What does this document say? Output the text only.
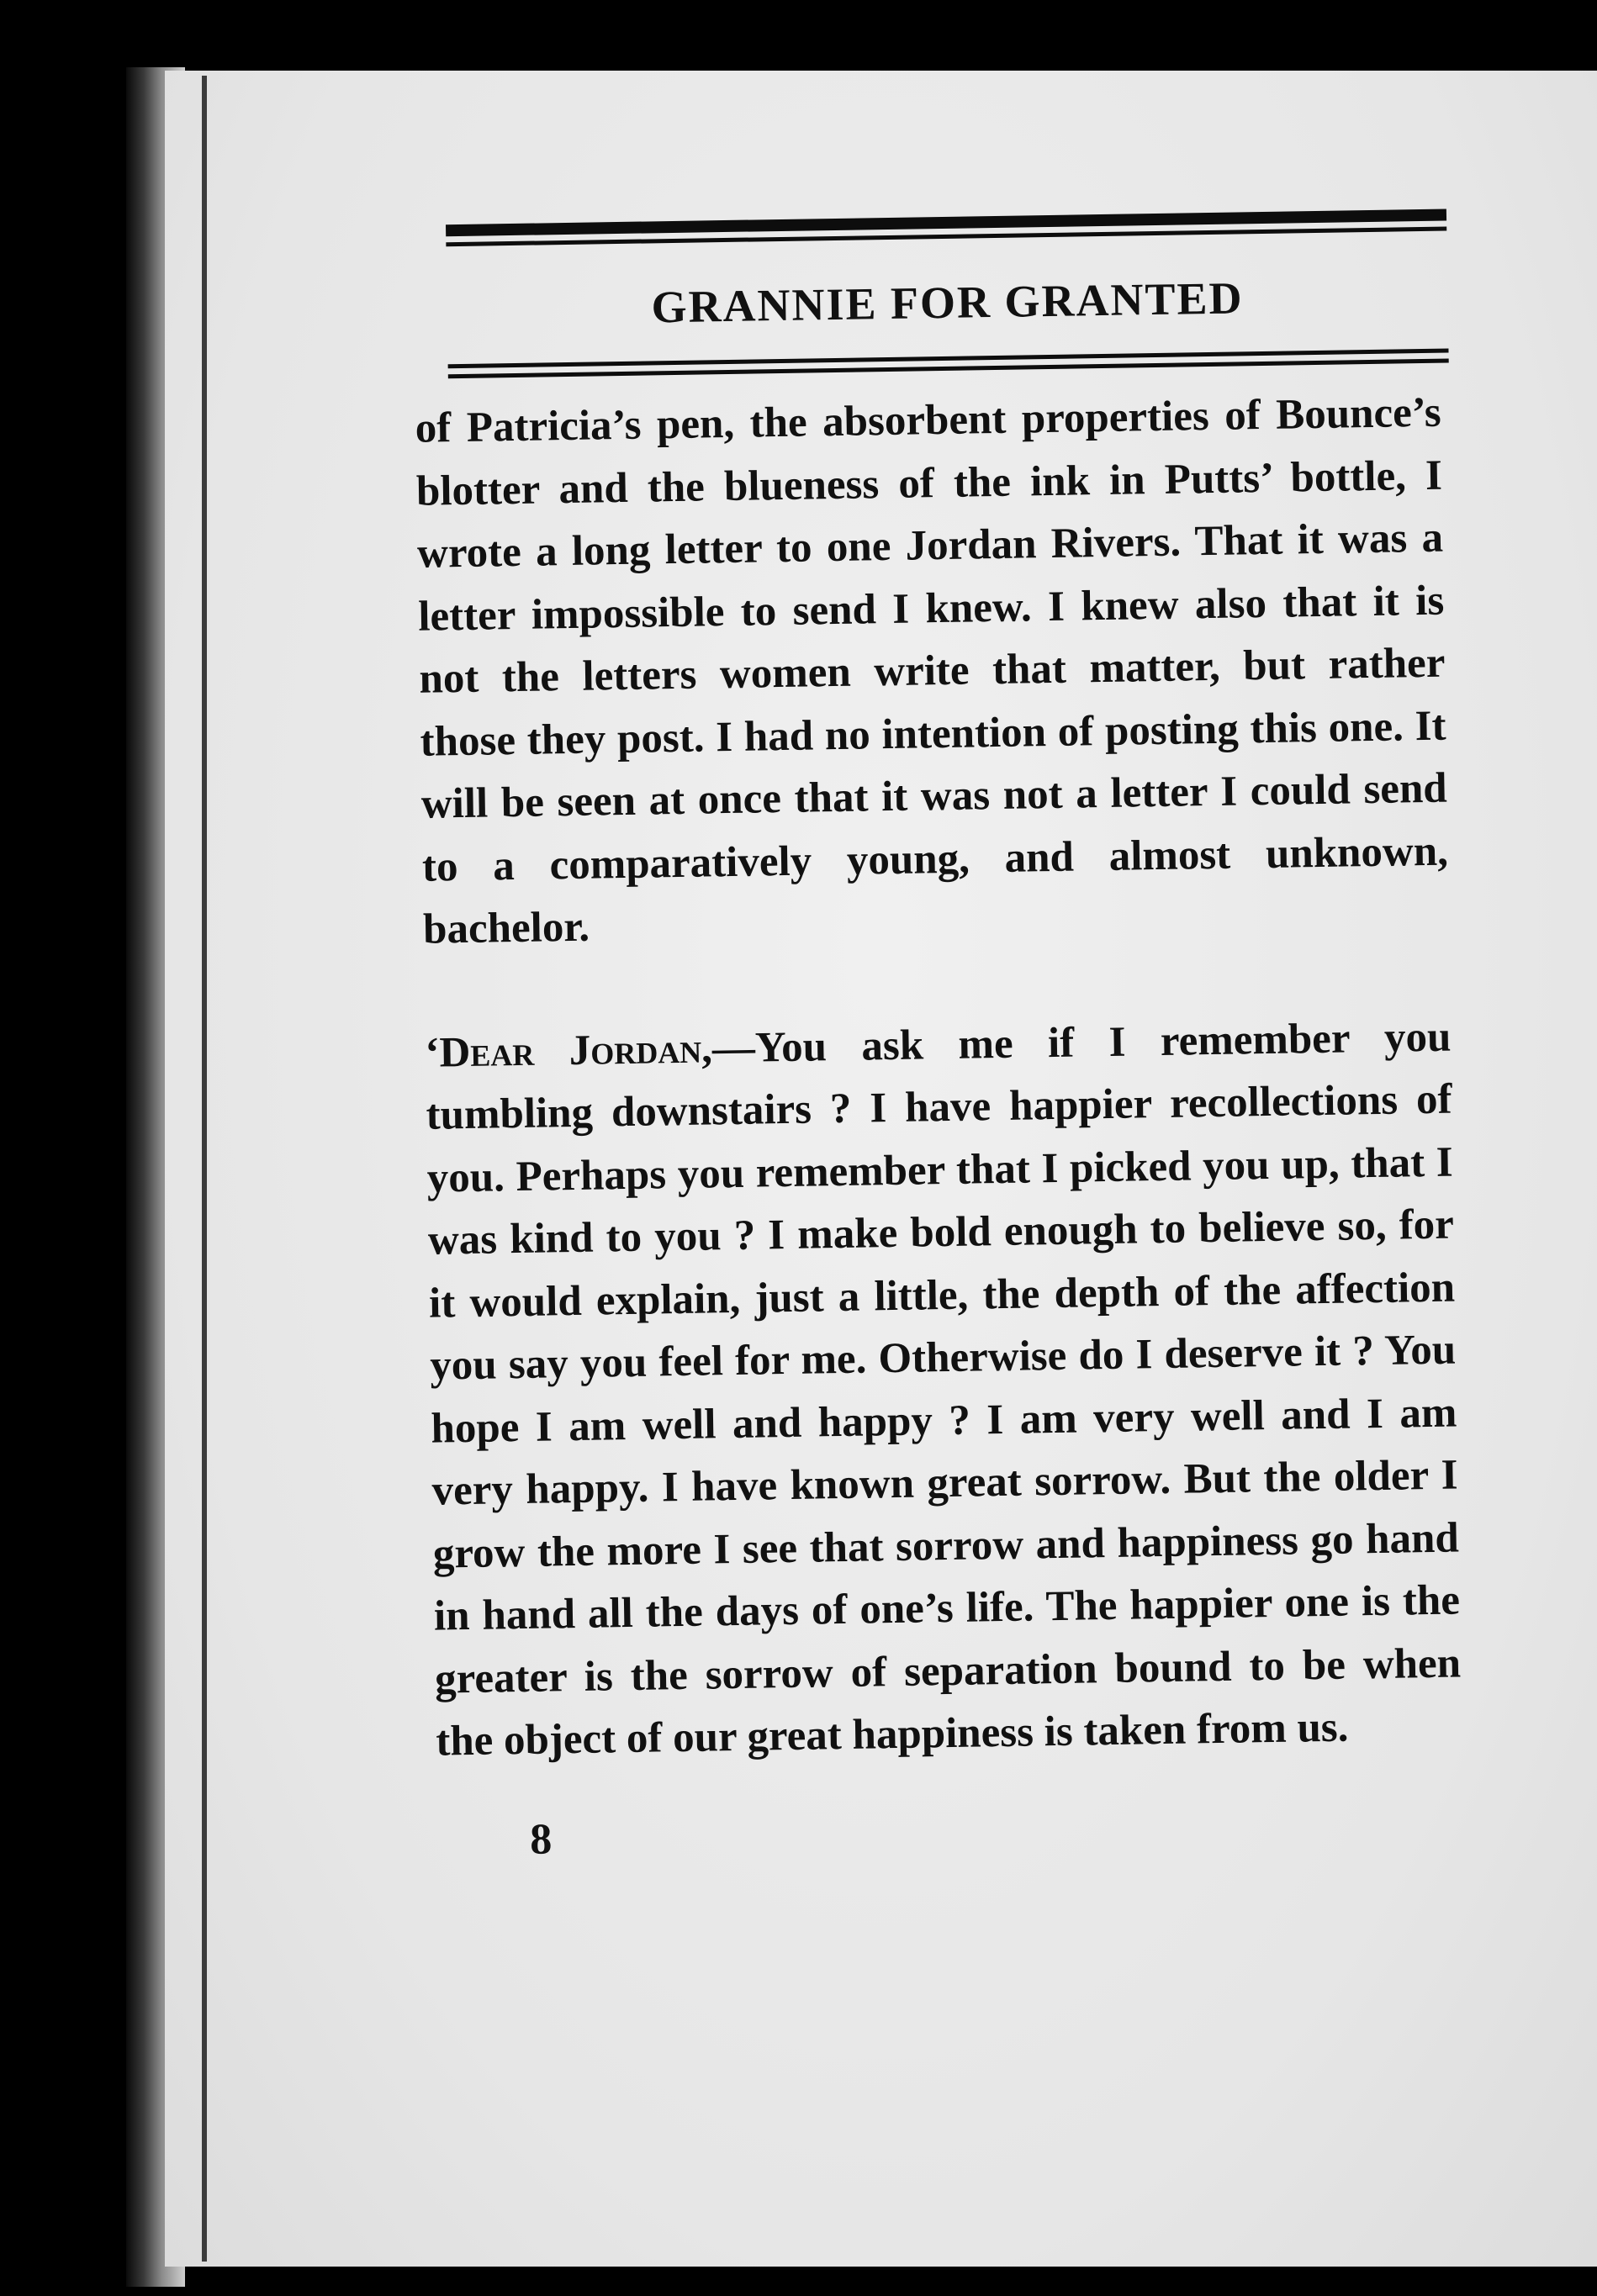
GRANNIE FOR GRANTED

of Patricia’s pen, the absorbent properties of Bounce’s blotter and the blueness of the ink in Putts’ bottle, I wrote a long letter to one Jordan Rivers. That it was a letter impossible to send I knew. I knew also that it is not the letters women write that matter, but rather those they post. I had no intention of posting this one. It will be seen at once that it was not a letter I could send to a comparatively young, and almost unknown, bachelor.

‘Dear Jordan,—You ask me if I remember you tumbling downstairs ? I have happier recollections of you. Perhaps you remember that I picked you up, that I was kind to you ? I make bold enough to believe so, for it would explain, just a little, the depth of the affection you say you feel for me. Otherwise do I deserve it ? You hope I am well and happy ? I am very well and I am very happy. I have known great sorrow. But the older I grow the more I see that sorrow and happiness go hand in hand all the days of one’s life. The happier one is the greater is the sorrow of separation bound to be when the object of our great happiness is taken from us.

8
